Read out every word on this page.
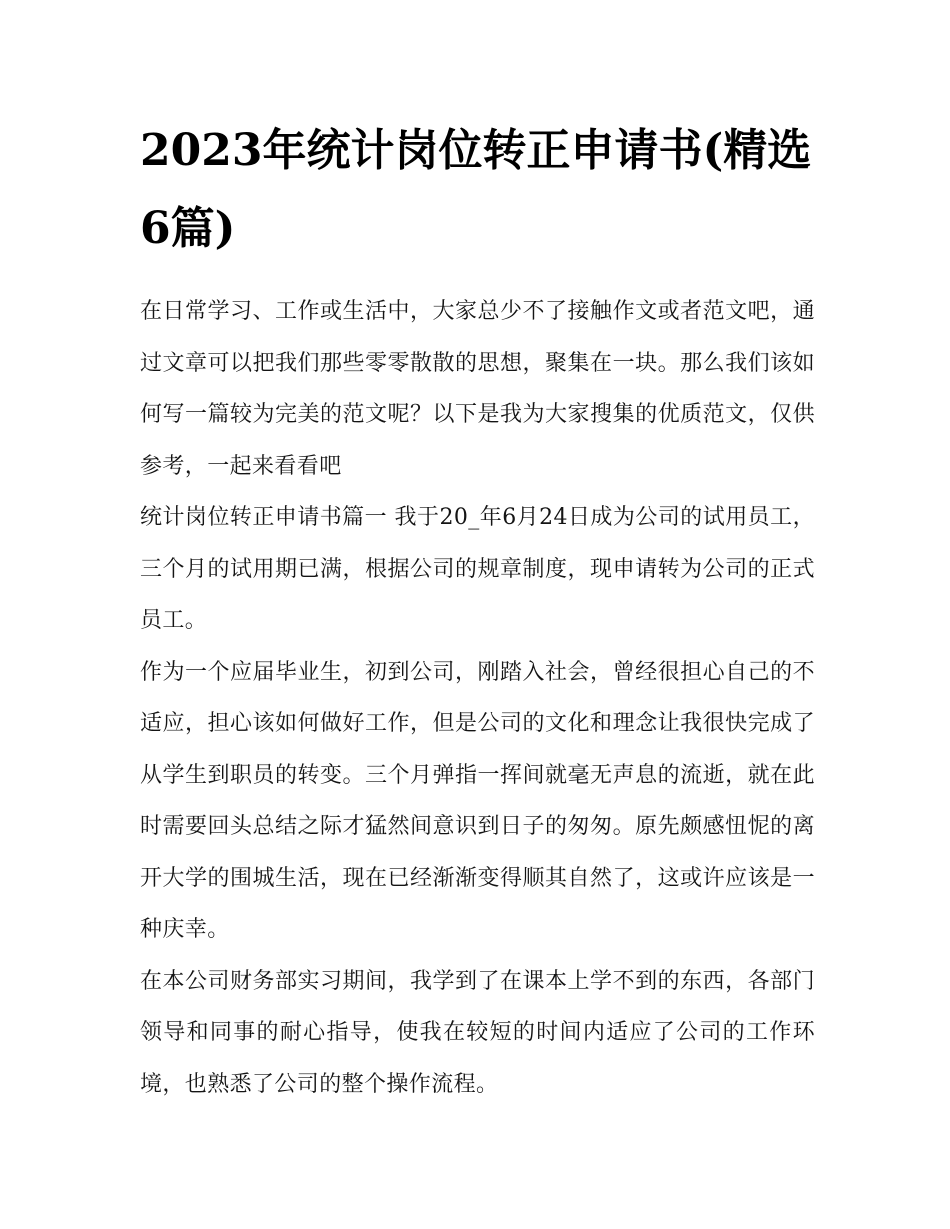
2023年统计岗位转正申请书(精选6篇)

在日常学习、工作或生活中，大家总少不了接触作文或者范文吧，通过文章可以把我们那些零零散散的思想，聚集在一块。那么我们该如何写一篇较为完美的范文呢？以下是我为大家搜集的优质范文，仅供参考，一起来看看吧

统计岗位转正申请书篇一 我于20_年6月24日成为公司的试用员工，三个月的试用期已满，根据公司的规章制度，现申请转为公司的正式员工。

作为一个应届毕业生，初到公司，刚踏入社会，曾经很担心自己的不适应，担心该如何做好工作，但是公司的文化和理念让我很快完成了从学生到职员的转变。三个月弹指一挥间就毫无声息的流逝，就在此时需要回头总结之际才猛然间意识到日子的匆匆。原先颇感忸怩的离开大学的围城生活，现在已经渐渐变得顺其自然了，这或许应该是一种庆幸。

在本公司财务部实习期间，我学到了在课本上学不到的东西，各部门领导和同事的耐心指导，使我在较短的时间内适应了公司的工作环境，也熟悉了公司的整个操作流程。
